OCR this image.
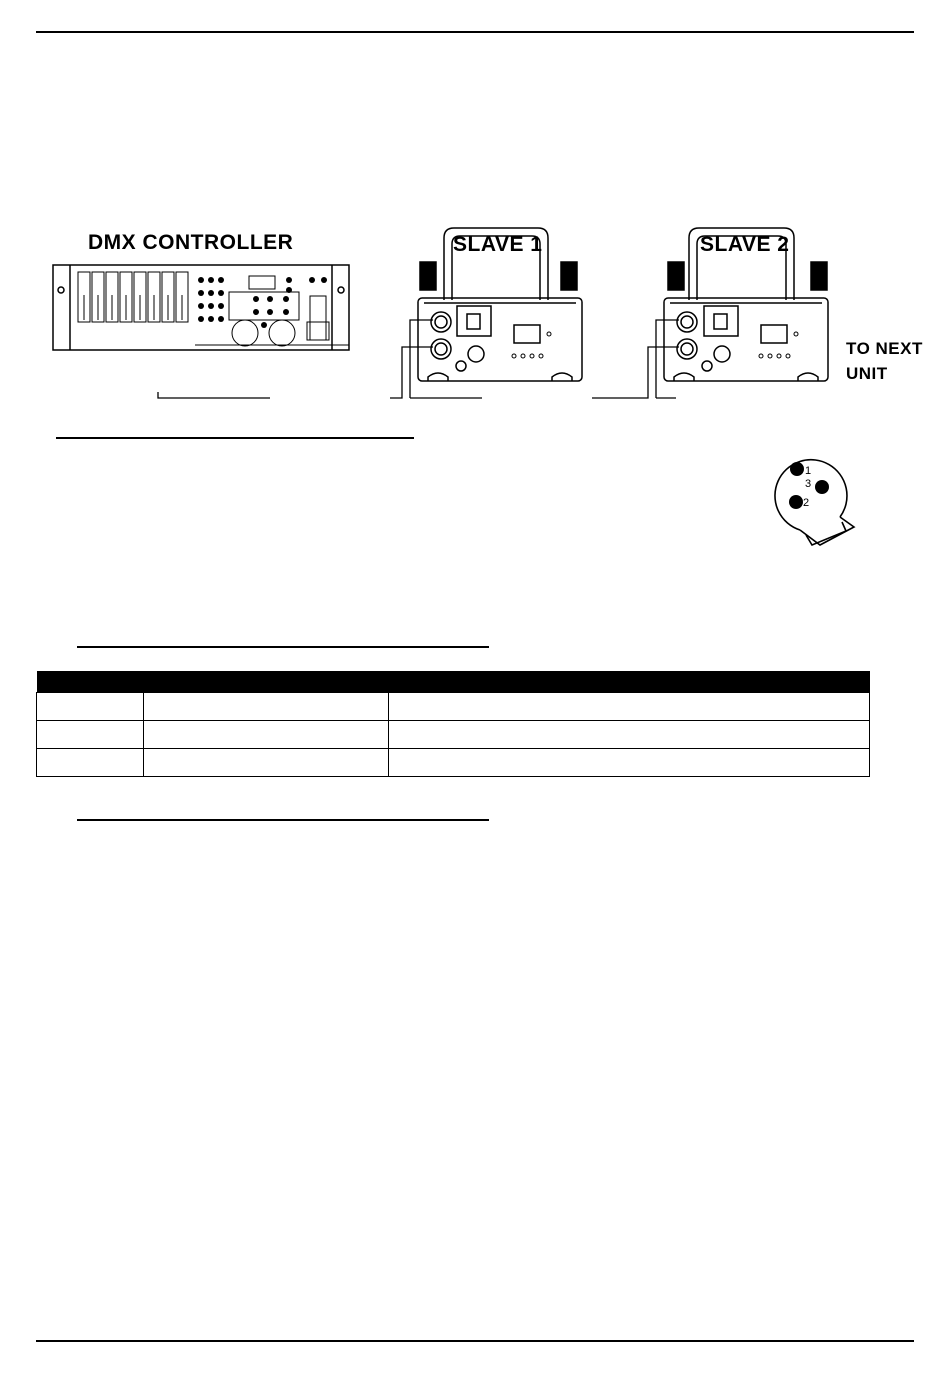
DMX CONTROLLER	SLAVE 1	SLAVE 2
TO NEXT
UNIT
1
3
2
